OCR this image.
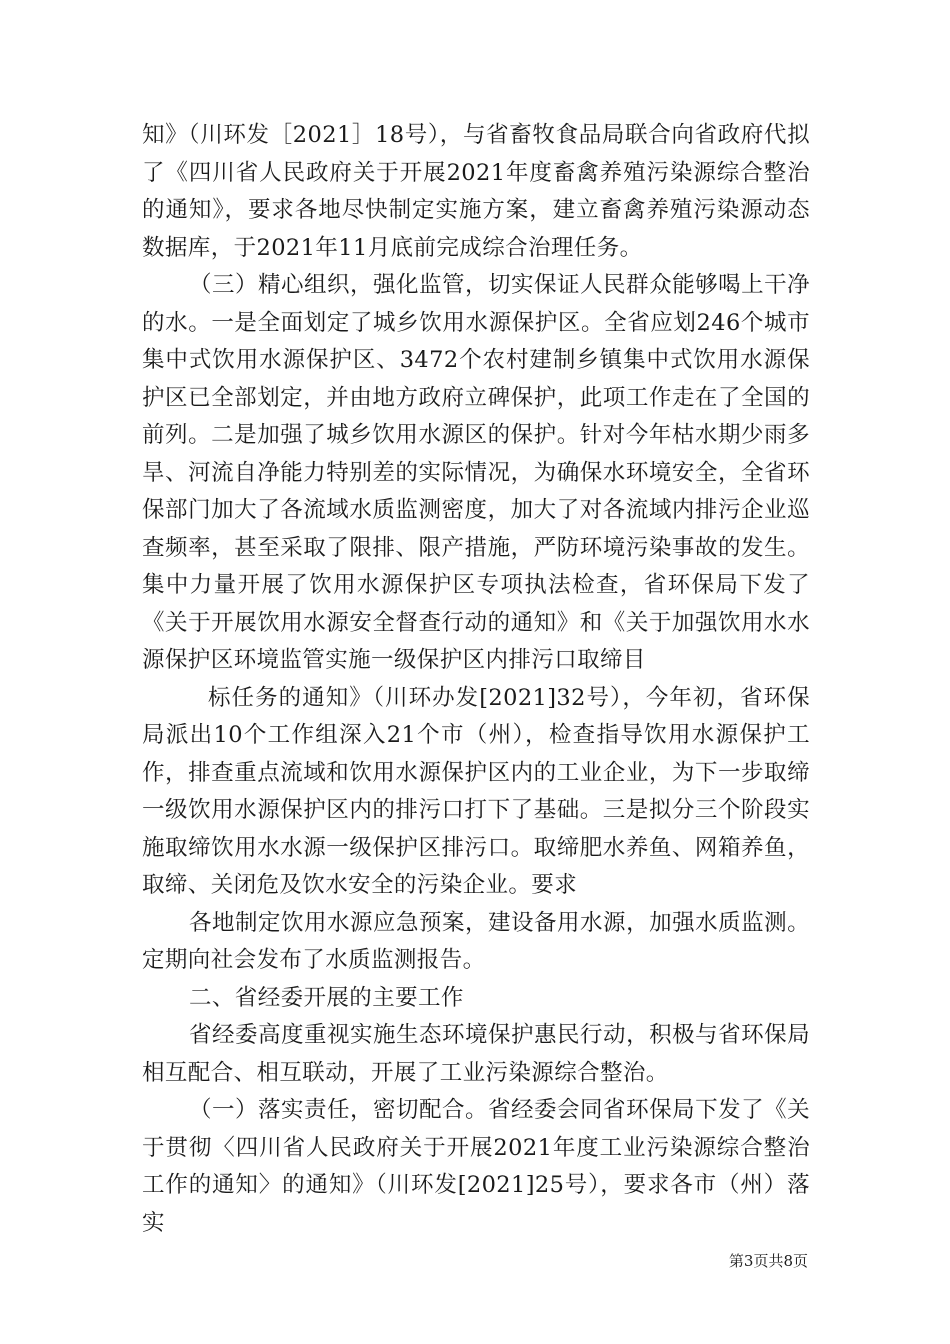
知》（川环发［2021］18号），与省畜牧食品局联合向省政府代拟了《四川省人民政府关于开展2021年度畜禽养殖污染源综合整治的通知》，要求各地尽快制定实施方案，建立畜禽养殖污染源动态数据库，于2021年11月底前完成综合治理任务。

（三）精心组织，强化监管，切实保证人民群众能够喝上干净的水。一是全面划定了城乡饮用水源保护区。全省应划246个城市集中式饮用水源保护区、3472个农村建制乡镇集中式饮用水源保护区已全部划定，并由地方政府立碑保护，此项工作走在了全国的前列。二是加强了城乡饮用水源区的保护。针对今年枯水期少雨多旱、河流自净能力特别差的实际情况，为确保水环境安全，全省环保部门加大了各流域水质监测密度，加大了对各流域内排污企业巡查频率，甚至采取了限排、限产措施，严防环境污染事故的发生。集中力量开展了饮用水源保护区专项执法检查，省环保局下发了《关于开展饮用水源安全督查行动的通知》和《关于加强饮用水水源保护区环境监管实施一级保护区内排污口取缔目

标任务的通知》（川环办发[2021]32号），今年初，省环保局派出10个工作组深入21个市（州），检查指导饮用水源保护工作，排查重点流域和饮用水源保护区内的工业企业，为下一步取缔一级饮用水源保护区内的排污口打下了基础。三是拟分三个阶段实施取缔饮用水水源一级保护区排污口。取缔肥水养鱼、网箱养鱼，取缔、关闭危及饮水安全的污染企业。要求

各地制定饮用水源应急预案，建设备用水源，加强水质监测。定期向社会发布了水质监测报告。

二、省经委开展的主要工作

省经委高度重视实施生态环境保护惠民行动，积极与省环保局相互配合、相互联动，开展了工业污染源综合整治。

（一）落实责任，密切配合。省经委会同省环保局下发了《关于贯彻〈四川省人民政府关于开展2021年度工业污染源综合整治工作的通知〉的通知》（川环发[2021]25号），要求各市（州）落实

第3页共8页
